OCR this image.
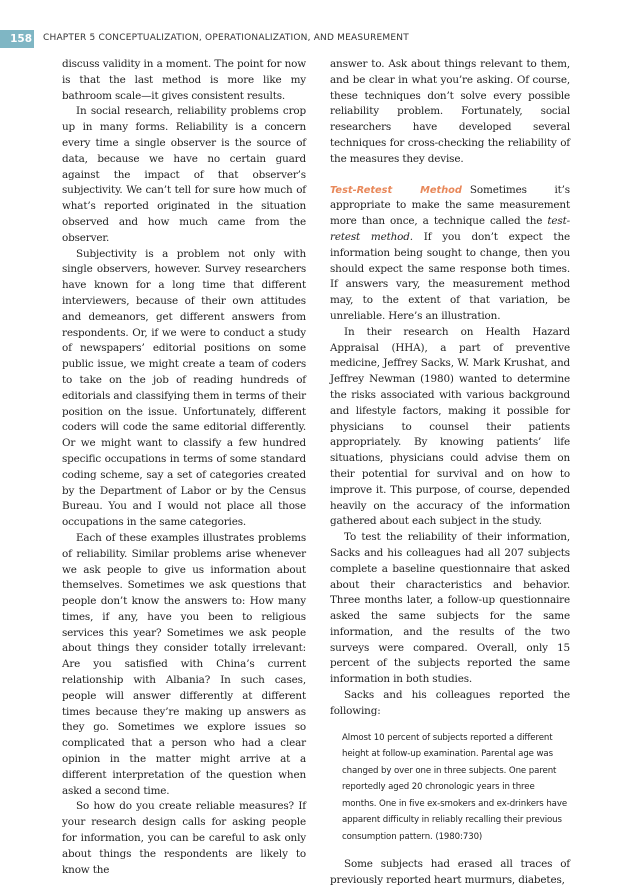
158 CHAPTER 5 CONCEPTUALIZATION, OPERATIONALIZATION, AND MEASUREMENT

discuss validity in a moment. The point for now is that the last method is more like my bathroom scale—it gives consistent results.

In social research, reliability problems crop up in many forms. Reliability is a concern every time a single observer is the source of data, because we have no certain guard against the impact of that observer’s subjectivity. We can’t tell for sure how much of what’s reported originated in the situation observed and how much came from the observer.

Subjectivity is a problem not only with single observers, however. Survey researchers have known for a long time that different interviewers, because of their own attitudes and demeanors, get different answers from respondents. Or, if we were to conduct a study of newspapers’ editorial positions on some public issue, we might create a team of coders to take on the job of reading hundreds of editorials and classifying them in terms of their position on the issue. Unfortunately, different coders will code the same editorial differently. Or we might want to classify a few hundred specific occupations in terms of some standard coding scheme, say a set of categories created by the Department of Labor or by the Census Bureau. You and I would not place all those occupations in the same categories.

Each of these examples illustrates problems of reliability. Similar problems arise whenever we ask people to give us information about themselves. Sometimes we ask questions that people don’t know the answers to: How many times, if any, have you been to religious services this year? Sometimes we ask people about things they consider totally irrelevant: Are you satisfied with China’s current relationship with Albania? In such cases, people will answer differently at different times because they’re making up answers as they go. Sometimes we explore issues so complicated that a person who had a clear opinion in the matter might arrive at a different interpretation of the question when asked a second time.

So how do you create reliable measures? If your research design calls for asking people for information, you can be careful to ask only about things the respondents are likely to know the

answer to. Ask about things relevant to them, and be clear in what you’re asking. Of course, these techniques don’t solve every possible reliability problem. Fortunately, social researchers have developed several techniques for cross-checking the reliability of the measures they devise.

Test-Retest Method Sometimes it’s appropriate to make the same measurement more than once, a technique called the test-retest method. If you don’t expect the information being sought to change, then you should expect the same response both times. If answers vary, the measurement method may, to the extent of that variation, be unreliable. Here’s an illustration.

In their research on Health Hazard Appraisal (HHA), a part of preventive medicine, Jeffrey Sacks, W. Mark Krushat, and Jeffrey Newman (1980) wanted to determine the risks associated with various background and lifestyle factors, making it possible for physicians to counsel their patients appropriately. By knowing patients’ life situations, physicians could advise them on their potential for survival and on how to improve it. This purpose, of course, depended heavily on the accuracy of the information gathered about each subject in the study.

To test the reliability of their information, Sacks and his colleagues had all 207 subjects complete a baseline questionnaire that asked about their characteristics and behavior. Three months later, a follow-up questionnaire asked the same subjects for the same information, and the results of the two surveys were compared. Overall, only 15 percent of the subjects reported the same information in both studies.

Sacks and his colleagues reported the following:

Almost 10 percent of subjects reported a different height at follow-up examination. Parental age was changed by over one in three subjects. One parent reportedly aged 20 chronologic years in three months. One in five ex-smokers and ex-drinkers have apparent difficulty in reliably recalling their previous consumption pattern. (1980:730)

Some subjects had erased all traces of previously reported heart murmurs, diabetes,
